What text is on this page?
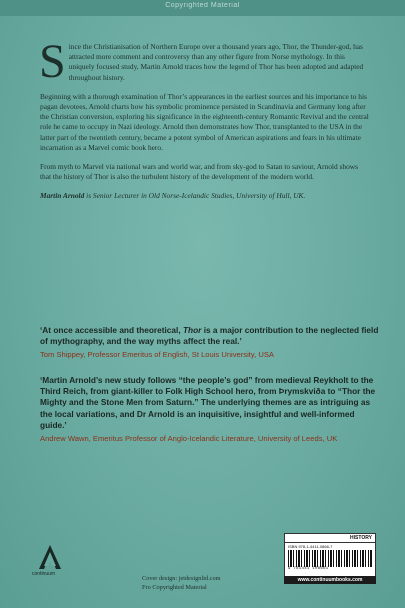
Copyrighted Material

Since the Christianisation of Northern Europe over a thousand years ago, Thor, the Thunder-god, has attracted more comment and controversy than any other figure from Norse mythology. In this uniquely focused study, Martin Arnold traces how the legend of Thor has been adopted and adapted throughout history.

Beginning with a thorough examination of Thor’s appearances in the earliest sources and his importance to his pagan devotees, Arnold charts how his symbolic prominence persisted in Scandinavia and Germany long after the Christian conversion, exploring his significance in the eighteenth-century Romantic Revival and the central role he came to occupy in Nazi ideology. Arnold then demonstrates how Thor, transplanted to the USA in the latter part of the twentieth century, became a potent symbol of American aspirations and fears in his ultimate incarnation as a Marvel comic book hero.

From myth to Marvel via national wars and world war, and from sky-god to Satan to saviour, Arnold shows that the history of Thor is also the turbulent history of the development of the modern world.

Martin Arnold is Senior Lecturer in Old Norse-Icelandic Studies, University of Hull, UK.

‘At once accessible and theoretical, Thor is a major contribution to the neglected field of mythography, and the way myths affect the real.’

Tom Shippey, Professor Emeritus of English, St Louis University, USA

‘Martin Arnold’s new study follows “the people’s god” from medieval Reykholt to the Third Reich, from giant-killer to Folk High School hero, from Þrymskviða to “Thor the Mighty and the Stone Men from Saturn.” The underlying themes are as intriguing as the local variations, and Dr Arnold is an inquisitive, insightful and well-informed guide.’

Andrew Wawn, Emeritus Professor of Anglo-Icelandic Literature, University of Leeds, UK

continuum
Cover design: jetdesignltd.com
Fro Copyrighted Material
HISTORY
ISBN 978-1-4411-0866-7
9 781441 108661
www.continuumbooks.com
